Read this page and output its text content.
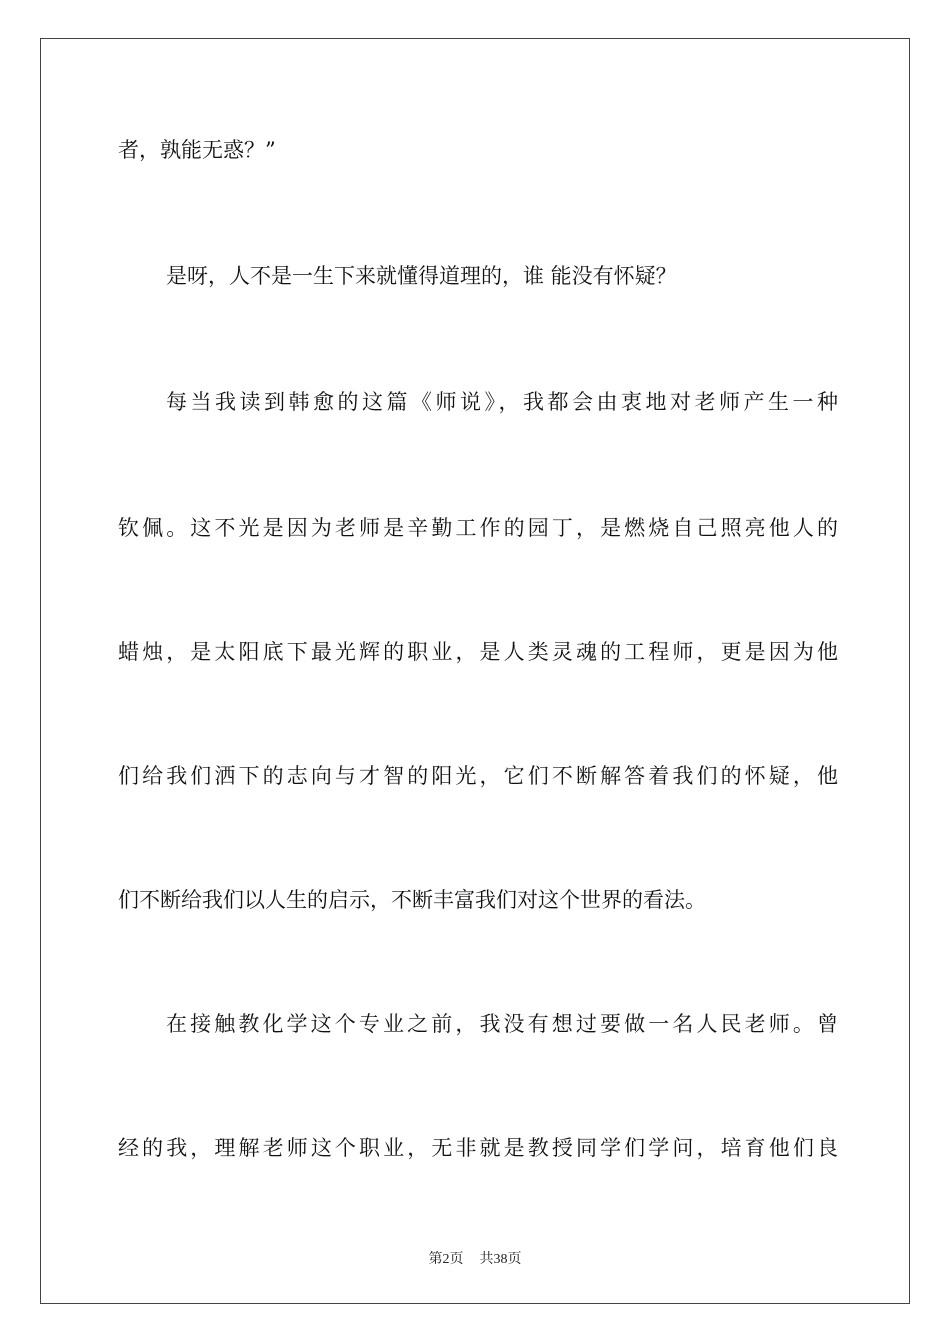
者，孰能无惑？”
是呀，人不是一生下来就懂得道理的，谁 能没有怀疑？
每当我读到韩愈的这篇《师说》，我都会由衷地对老师产生一种
钦佩。这不光是因为老师是辛勤工作的园丁，是燃烧自己照亮他人的
蜡烛，是太阳底下最光辉的职业，是人类灵魂的工程师，更是因为他
们给我们洒下的志向与才智的阳光，它们不断解答着我们的怀疑，他
们不断给我们以人生的启示，不断丰富我们对这个世界的看法。
在接触教化学这个专业之前，我没有想过要做一名人民老师。曾
经的我，理解老师这个职业，无非就是教授同学们学问，培育他们良
第2页 共38页
